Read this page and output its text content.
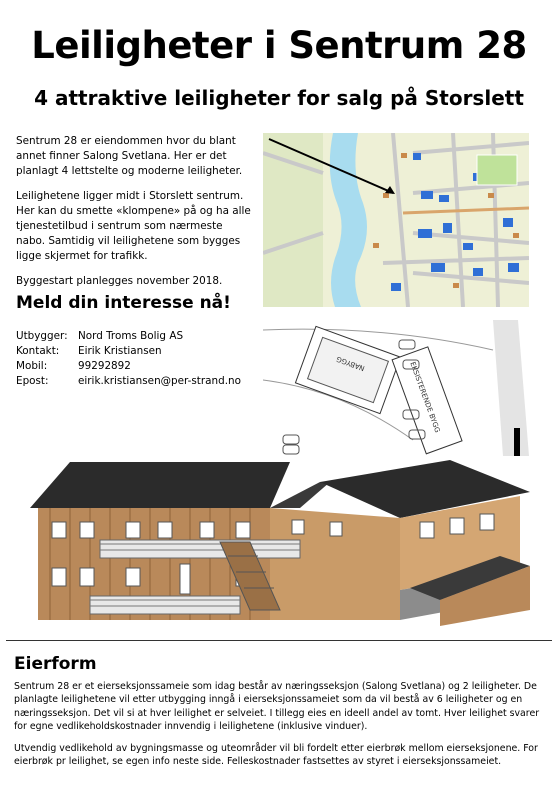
Leiligheter i Sentrum 28
4 attraktive leiligheter for salg på Storslett

Sentrum 28 er eiendommen hvor du blant annet finner Salong Svetlana. Her er det planlagt 4 lettstelte og moderne leiligheter.

Leilighetene ligger midt i Storslett sentrum. Her kan du smette «klompene» på og ha alle tjenestetilbud i sentrum som nærmeste nabo. Samtidig vil leilighetene som bygges ligge skjermet for trafikk.

Byggestart planlegges november 2018.

Meld din interesse nå!
Utbygger: Nord Troms Bolig AS
Kontakt: Eirik Kristiansen
Mobil:	99292892
Epost:	eirik.kristiansen@per-strand.no
NABYGG	EKSISTERENDE BYGG
Eierform

Sentrum 28 er et eierseksjonssameie som idag består av næringsseksjon (Salong Svetlana) og 2 leiligheter. De planlagte leilighetene vil etter utbygging inngå i eierseksjonssameiet som da vil bestå av 6 leiligheter og en næringsseksjon. Det vil si at hver leilighet er selveiet. I tillegg eies en ideell andel av tomt. Hver leilighet svarer for egne vedlikeholdskostnader innvendig i leilighetene (inklusive vinduer).

Utvendig vedlikehold av bygningsmasse og uteområder vil bli fordelt etter eierbrøk mellom eierseksjonene. For eierbrøk pr leilighet, se egen info neste side. Felleskostnader fastsettes av styret i eierseksjonssameiet.
